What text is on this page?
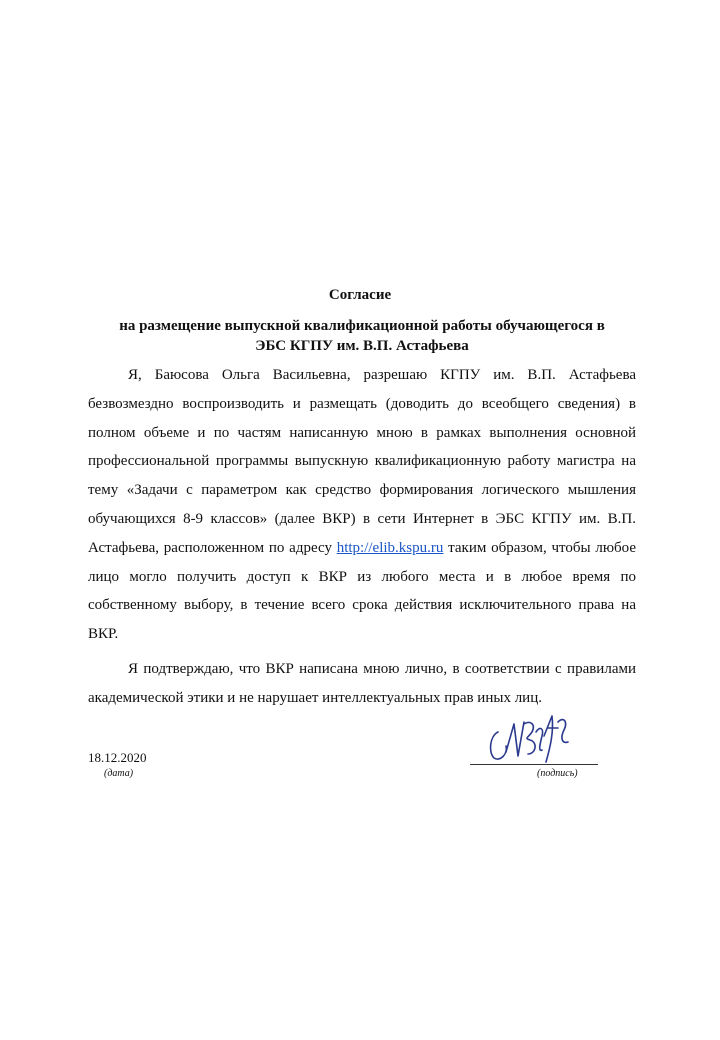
Согласие
на размещение выпускной квалификационной работы обучающегося в
ЭБС КГПУ им. В.П. Астафьева

Я, Баюсова Ольга Васильевна, разрешаю КГПУ им. В.П. Астафьева безвозмездно воспроизводить и размещать (доводить до всеобщего сведения) в полном объеме и по частям написанную мною в рамках выполнения основной профессиональной программы выпускную квалификационную работу магистра на тему «Задачи с параметром как средство формирования логического мышления обучающихся 8-9 классов» (далее ВКР) в сети Интернет в ЭБС КГПУ им. В.П. Астафьева, расположенном по адресу http://elib.kspu.ru таким образом, чтобы любое лицо могло получить доступ к ВКР из любого места и в любое время по собственному выбору, в течение всего срока действия исключительного права на ВКР.

Я подтверждаю, что ВКР написана мною лично, в соответствии с правилами академической этики и не нарушает интеллектуальных прав иных лиц.

18.12.2020
(дата)	(подпись)
